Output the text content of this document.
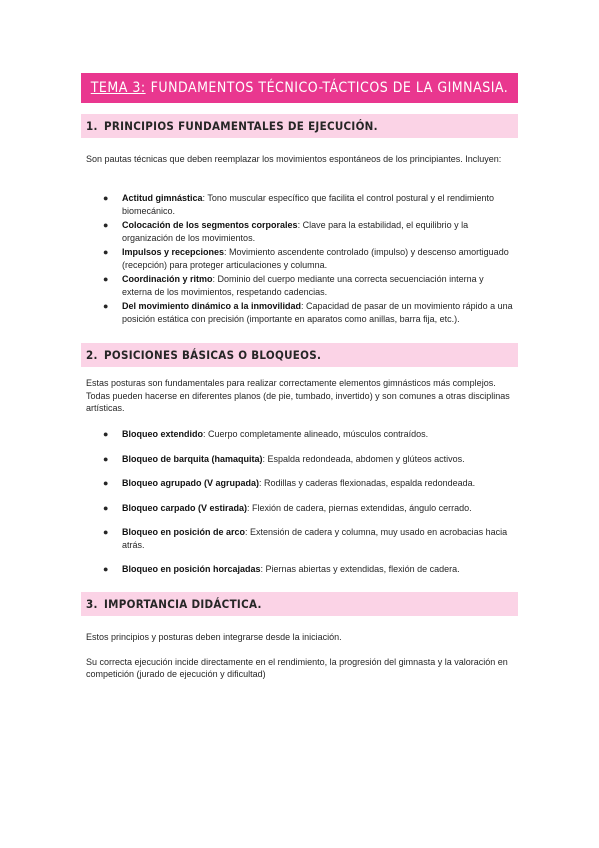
TEMA 3: FUNDAMENTOS TÉCNICO-TÁCTICOS DE LA GIMNASIA.
1. PRINCIPIOS FUNDAMENTALES DE EJECUCIÓN.

Son pautas técnicas que deben reemplazar los movimientos espontáneos de los principiantes. Incluyen:

● Actitud gimnástica: Tono muscular específico que facilita el control postural y el rendimiento biomecánico.
● Colocación de los segmentos corporales: Clave para la estabilidad, el equilibrio y la organización de los movimientos.
● Impulsos y recepciones: Movimiento ascendente controlado (impulso) y descenso amortiguado (recepción) para proteger articulaciones y columna.
● Coordinación y ritmo: Dominio del cuerpo mediante una correcta secuenciación interna y externa de los movimientos, respetando cadencias.
● Del movimiento dinámico a la inmovilidad: Capacidad de pasar de un movimiento rápido a una posición estática con precisión (importante en aparatos como anillas, barra fija, etc.).
2. POSICIONES BÁSICAS O BLOQUEOS.

Estas posturas son fundamentales para realizar correctamente elementos gimnásticos más complejos. Todas pueden hacerse en diferentes planos (de pie, tumbado, invertido) y son comunes a otras disciplinas artísticas.

● Bloqueo extendido: Cuerpo completamente alineado, músculos contraídos.
● Bloqueo de barquita (hamaquita): Espalda redondeada, abdomen y glúteos activos.
● Bloqueo agrupado (V agrupada): Rodillas y caderas flexionadas, espalda redondeada.
● Bloqueo carpado (V estirada): Flexión de cadera, piernas extendidas, ángulo cerrado.
● Bloqueo en posición de arco: Extensión de cadera y columna, muy usado en acrobacias hacia atrás.
● Bloqueo en posición horcajadas: Piernas abiertas y extendidas, flexión de cadera.
3. IMPORTANCIA DIDÁCTICA.

Estos principios y posturas deben integrarse desde la iniciación.

Su correcta ejecución incide directamente en el rendimiento, la progresión del gimnasta y la valoración en competición (jurado de ejecución y dificultad)
